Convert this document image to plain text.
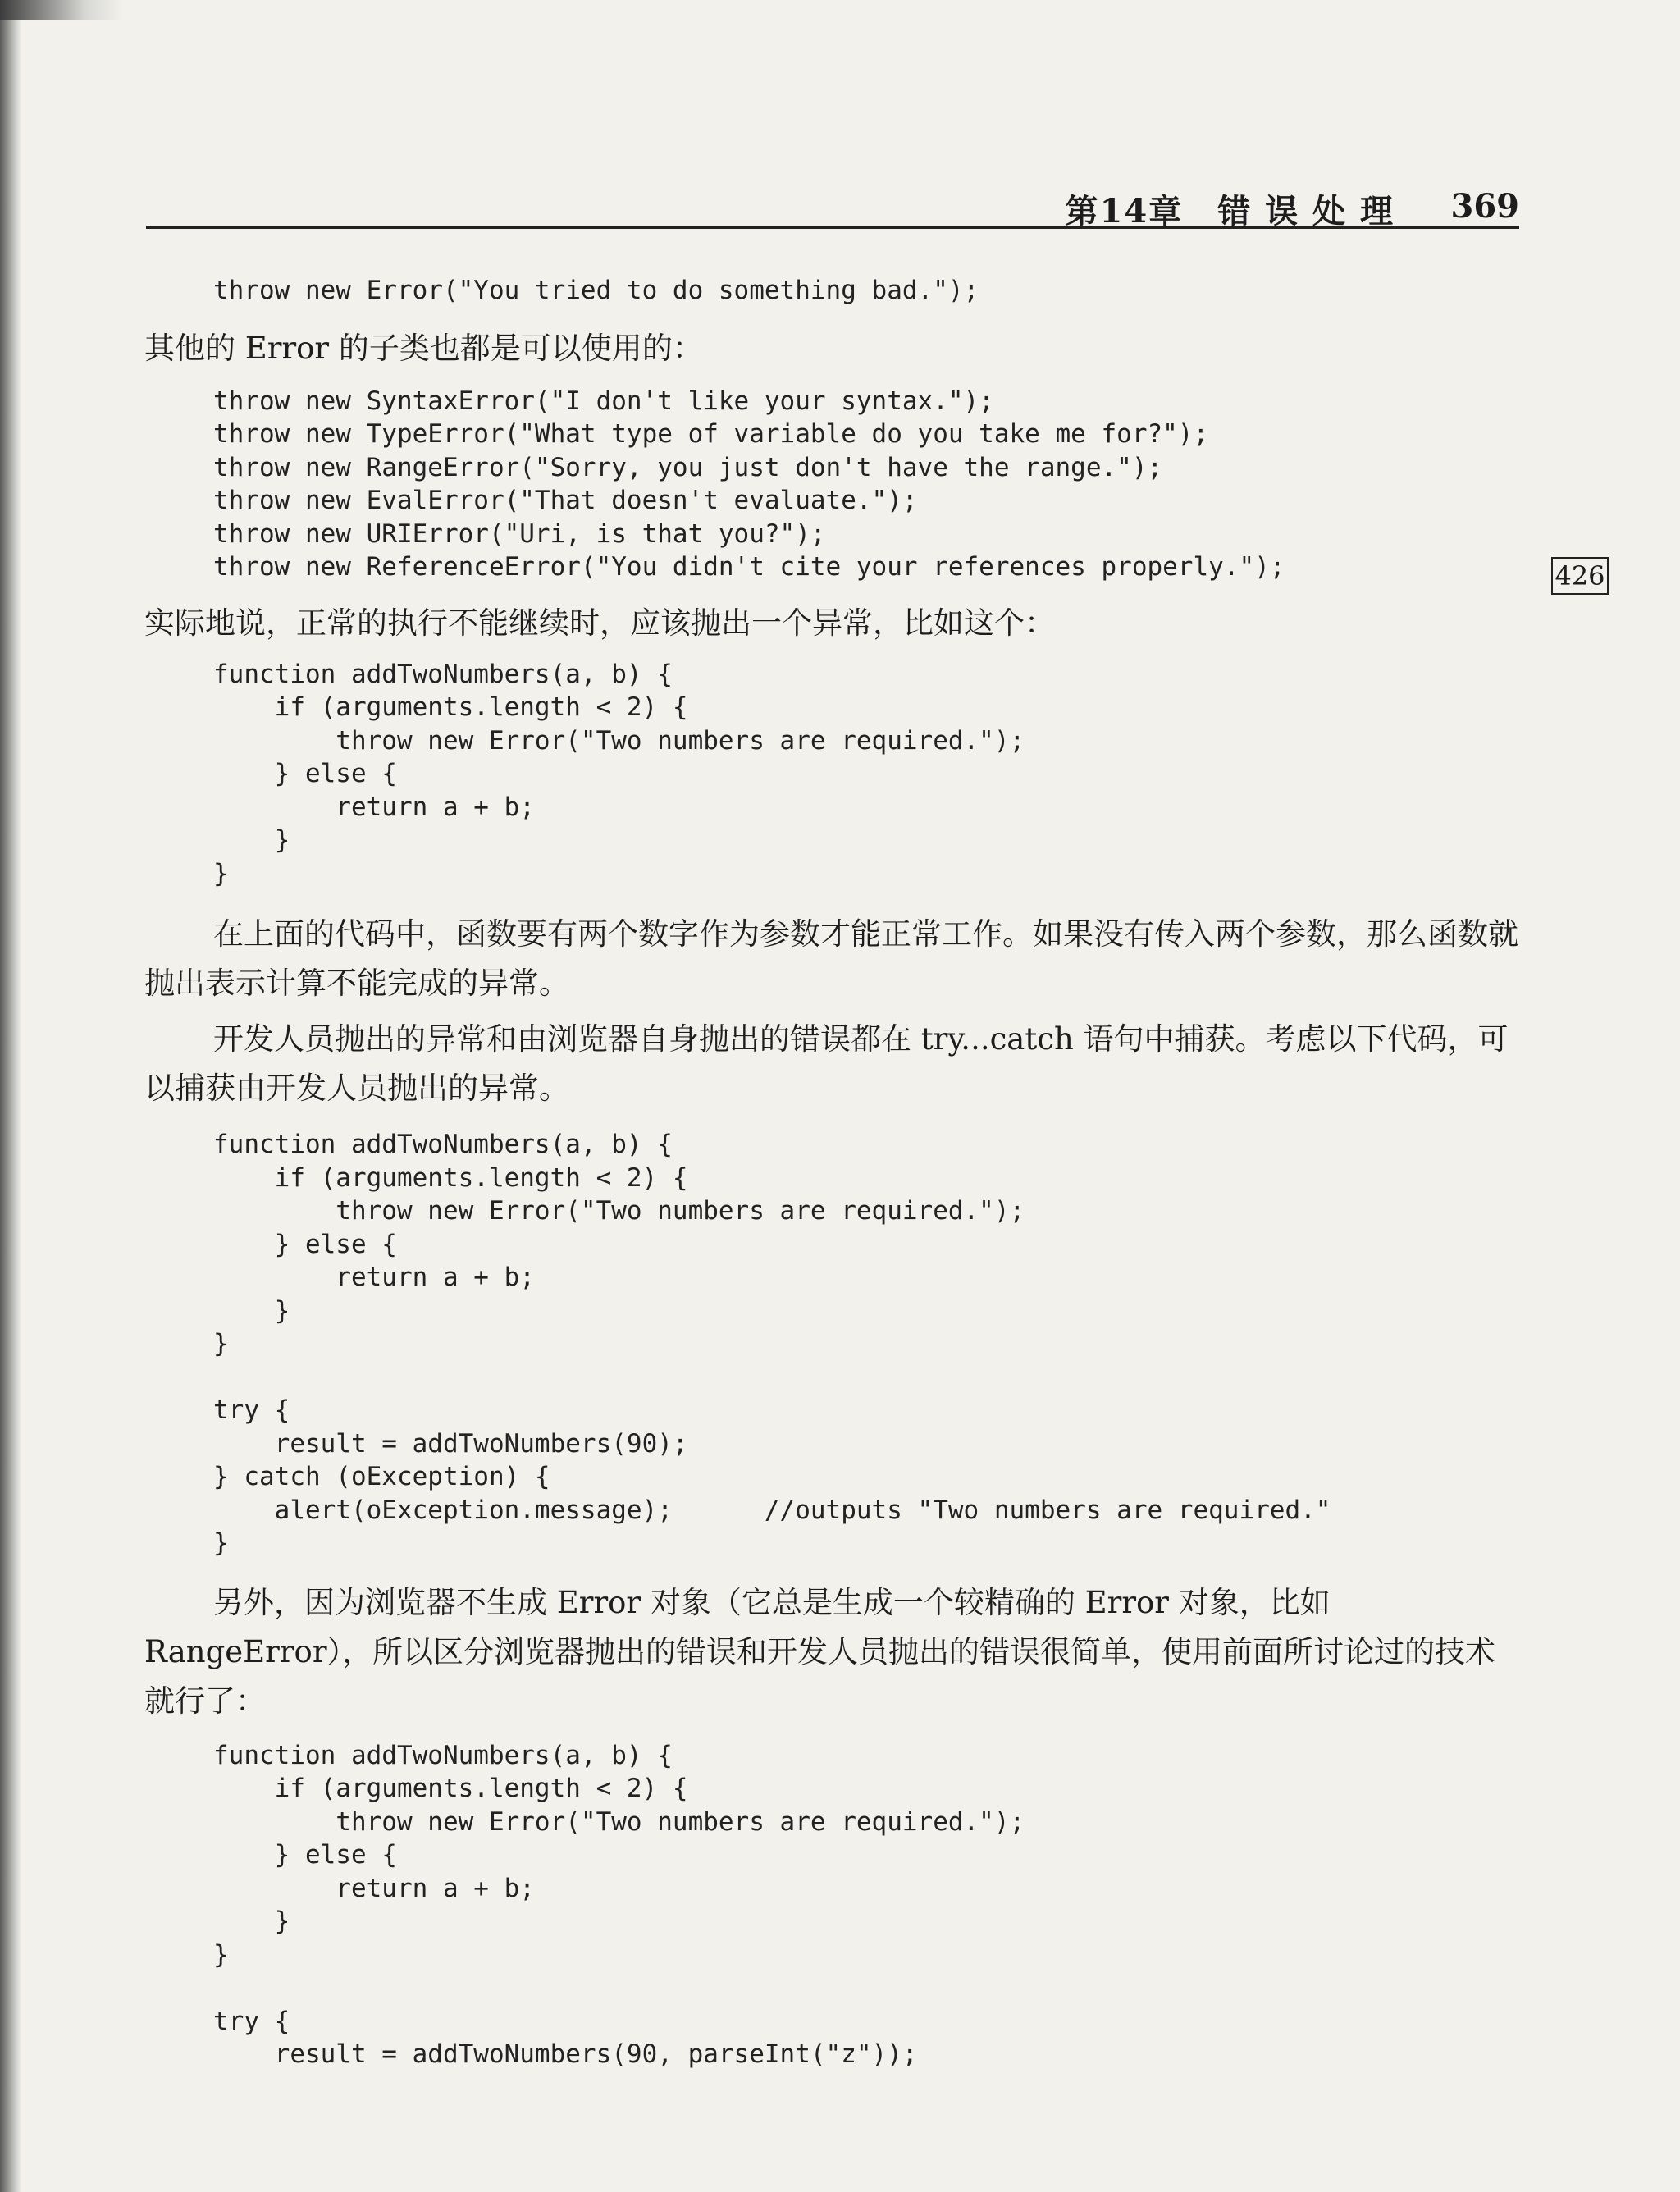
第14章　错 误 处 理 369
426
throw new Error("You tried to do something bad.");

其他的 Error 的子类也都是可以使用的：

throw new SyntaxError("I don't like your syntax.");
throw new TypeError("What type of variable do you take me for?");
throw new RangeError("Sorry, you just don't have the range.");
throw new EvalError("That doesn't evaluate.");
throw new URIError("Uri, is that you?");
throw new ReferenceError("You didn't cite your references properly.");

实际地说，正常的执行不能继续时，应该抛出一个异常，比如这个：

function addTwoNumbers(a, b) {
if (arguments.length < 2) {
throw new Error("Two numbers are required.");
} else {
return a + b;
}
}

在上面的代码中，函数要有两个数字作为参数才能正常工作。如果没有传入两个参数，那么函数就抛出表示计算不能完成的异常。

开发人员抛出的异常和由浏览器自身抛出的错误都在 try...catch 语句中捕获。考虑以下代码，可以捕获由开发人员抛出的异常。

function addTwoNumbers(a, b) {
if (arguments.length < 2) {
throw new Error("Two numbers are required.");
} else {
return a + b;
}
}

try {
result = addTwoNumbers(90);
} catch (oException) {
alert(oException.message);      //outputs "Two numbers are required."
}

另外，因为浏览器不生成 Error 对象（它总是生成一个较精确的 Error 对象，比如 RangeError），所以区分浏览器抛出的错误和开发人员抛出的错误很简单，使用前面所讨论过的技术就行了：

function addTwoNumbers(a, b) {
if (arguments.length < 2) {
throw new Error("Two numbers are required.");
} else {
return a + b;
}
}

try {
result = addTwoNumbers(90, parseInt("z"));
